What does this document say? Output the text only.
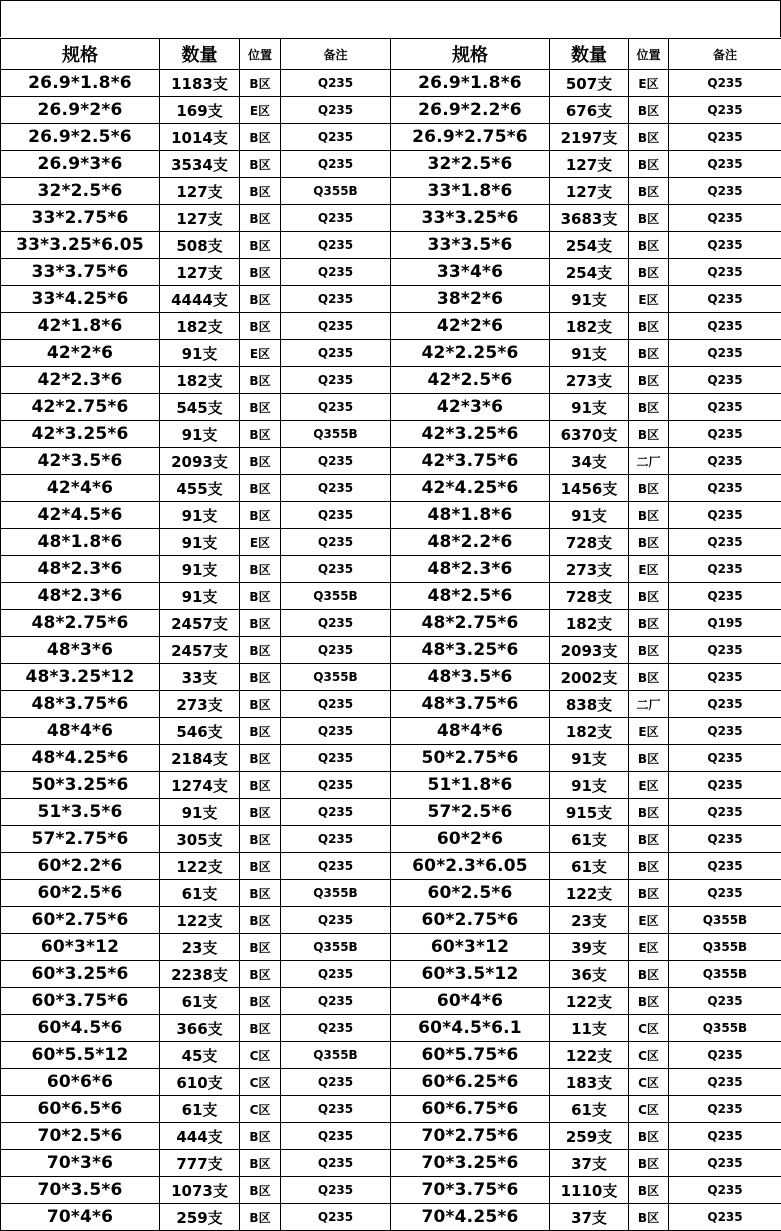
规格	数量	位置	备注	规格	数量	位置	备注
26.9*1.8*6	1183支	B区	Q235	26.9*1.8*6	507支	E区	Q235
26.9*2*6	169支	E区	Q235	26.9*2.2*6	676支	B区	Q235
26.9*2.5*6	1014支	B区	Q235	26.9*2.75*6	2197支	B区	Q235
26.9*3*6	3534支	B区	Q235	32*2.5*6	127支	B区	Q235
32*2.5*6	127支	B区	Q355B	33*1.8*6	127支	B区	Q235
33*2.75*6	127支	B区	Q235	33*3.25*6	3683支	B区	Q235
33*3.25*6.05	508支	B区	Q235	33*3.5*6	254支	B区	Q235
33*3.75*6	127支	B区	Q235	33*4*6	254支	B区	Q235
33*4.25*6	4444支	B区	Q235	38*2*6	91支	E区	Q235
42*1.8*6	182支	B区	Q235	42*2*6	182支	B区	Q235
42*2*6	91支	E区	Q235	42*2.25*6	91支	B区	Q235
42*2.3*6	182支	B区	Q235	42*2.5*6	273支	B区	Q235
42*2.75*6	545支	B区	Q235	42*3*6	91支	B区	Q235
42*3.25*6	91支	B区	Q355B	42*3.25*6	6370支	B区	Q235
42*3.5*6	2093支	B区	Q235	42*3.75*6	34支	二厂	Q235
42*4*6	455支	B区	Q235	42*4.25*6	1456支	B区	Q235
42*4.5*6	91支	B区	Q235	48*1.8*6	91支	B区	Q235
48*1.8*6	91支	E区	Q235	48*2.2*6	728支	B区	Q235
48*2.3*6	91支	B区	Q235	48*2.3*6	273支	E区	Q235
48*2.3*6	91支	B区	Q355B	48*2.5*6	728支	B区	Q235
48*2.75*6	2457支	B区	Q235	48*2.75*6	182支	B区	Q195
48*3*6	2457支	B区	Q235	48*3.25*6	2093支	B区	Q235
48*3.25*12	33支	B区	Q355B	48*3.5*6	2002支	B区	Q235
48*3.75*6	273支	B区	Q235	48*3.75*6	838支	二厂	Q235
48*4*6	546支	B区	Q235	48*4*6	182支	E区	Q235
48*4.25*6	2184支	B区	Q235	50*2.75*6	91支	B区	Q235
50*3.25*6	1274支	B区	Q235	51*1.8*6	91支	E区	Q235
51*3.5*6	91支	B区	Q235	57*2.5*6	915支	B区	Q235
57*2.75*6	305支	B区	Q235	60*2*6	61支	B区	Q235
60*2.2*6	122支	B区	Q235	60*2.3*6.05	61支	B区	Q235
60*2.5*6	61支	B区	Q355B	60*2.5*6	122支	B区	Q235
60*2.75*6	122支	B区	Q235	60*2.75*6	23支	E区	Q355B
60*3*12	23支	B区	Q355B	60*3*12	39支	E区	Q355B
60*3.25*6	2238支	B区	Q235	60*3.5*12	36支	B区	Q355B
60*3.75*6	61支	B区	Q235	60*4*6	122支	B区	Q235
60*4.5*6	366支	B区	Q235	60*4.5*6.1	11支	C区	Q355B
60*5.5*12	45支	C区	Q355B	60*5.75*6	122支	C区	Q235
60*6*6	610支	C区	Q235	60*6.25*6	183支	C区	Q235
60*6.5*6	61支	C区	Q235	60*6.75*6	61支	C区	Q235
70*2.5*6	444支	B区	Q235	70*2.75*6	259支	B区	Q235
70*3*6	777支	B区	Q235	70*3.25*6	37支	B区	Q235
70*3.5*6	1073支	B区	Q235	70*3.75*6	1110支	B区	Q235
70*4*6	259支	B区	Q235	70*4.25*6	37支	B区	Q235
